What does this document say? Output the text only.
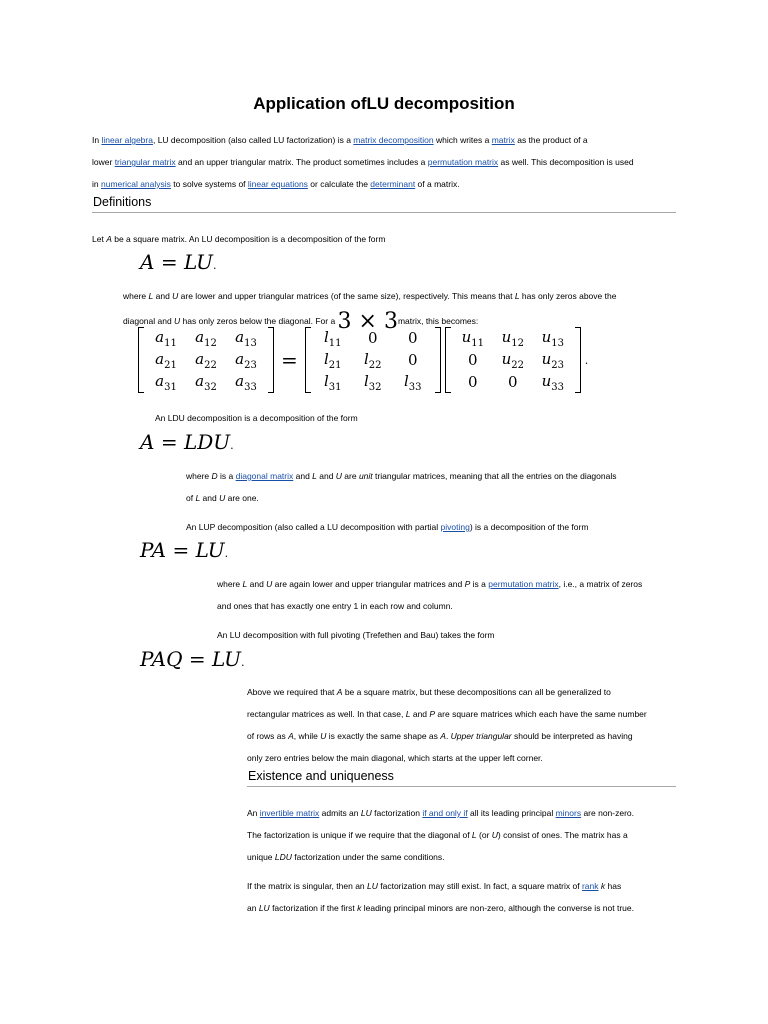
Application ofLU decomposition
In linear algebra, LU decomposition (also called LU factorization) is a matrix decomposition which writes a matrix as the product of a
lower triangular matrix and an upper triangular matrix. The product sometimes includes a permutation matrix as well. This decomposition is used
in numerical analysis to solve systems of linear equations or calculate the determinant of a matrix.
Definitions
Let A be a square matrix. An LU decomposition is a decomposition of the form
A = LU.
where L and U are lower and upper triangular matrices (of the same size), respectively. This means that L has only zeros above the
diagonal and U has only zeros below the diagonal. For a 3 × 3 matrix, this becomes:
$a_{11}$ $a_{12}$ $a_{13}$
$a_{21}$ $a_{22}$ $a_{23}$
$a_{31}$ $a_{32}$ $a_{33}$
=
$l_{11}$ 0 0
$l_{21}$ $l_{22}$ 0
$l_{31}$ $l_{32}$ $l_{33}$
$u_{11}$ $u_{12}$ $u_{13}$
0 $u_{22}$ $u_{23}$
0 0 $u_{33}$
.
An LDU decomposition is a decomposition of the form
A = LDU.
where D is a diagonal matrix and L and U are unit triangular matrices, meaning that all the entries on the diagonals
of L and U are one.
An LUP decomposition (also called a LU decomposition with partial pivoting) is a decomposition of the form
PA = LU.
where L and U are again lower and upper triangular matrices and P is a permutation matrix, i.e., a matrix of zeros
and ones that has exactly one entry 1 in each row and column.
An LU decomposition with full pivoting (Trefethen and Bau) takes the form
PAQ = LU.
Above we required that A be a square matrix, but these decompositions can all be generalized to
rectangular matrices as well. In that case, L and P are square matrices which each have the same number
of rows as A, while U is exactly the same shape as A. Upper triangular should be interpreted as having
only zero entries below the main diagonal, which starts at the upper left corner.
Existence and uniqueness
An invertible matrix admits an LU factorization if and only if all its leading principal minors are non-zero.
The factorization is unique if we require that the diagonal of L (or U) consist of ones. The matrix has a
unique LDU factorization under the same conditions.
If the matrix is singular, then an LU factorization may still exist. In fact, a square matrix of rank k has
an LU factorization if the first k leading principal minors are non-zero, although the converse is not true.
